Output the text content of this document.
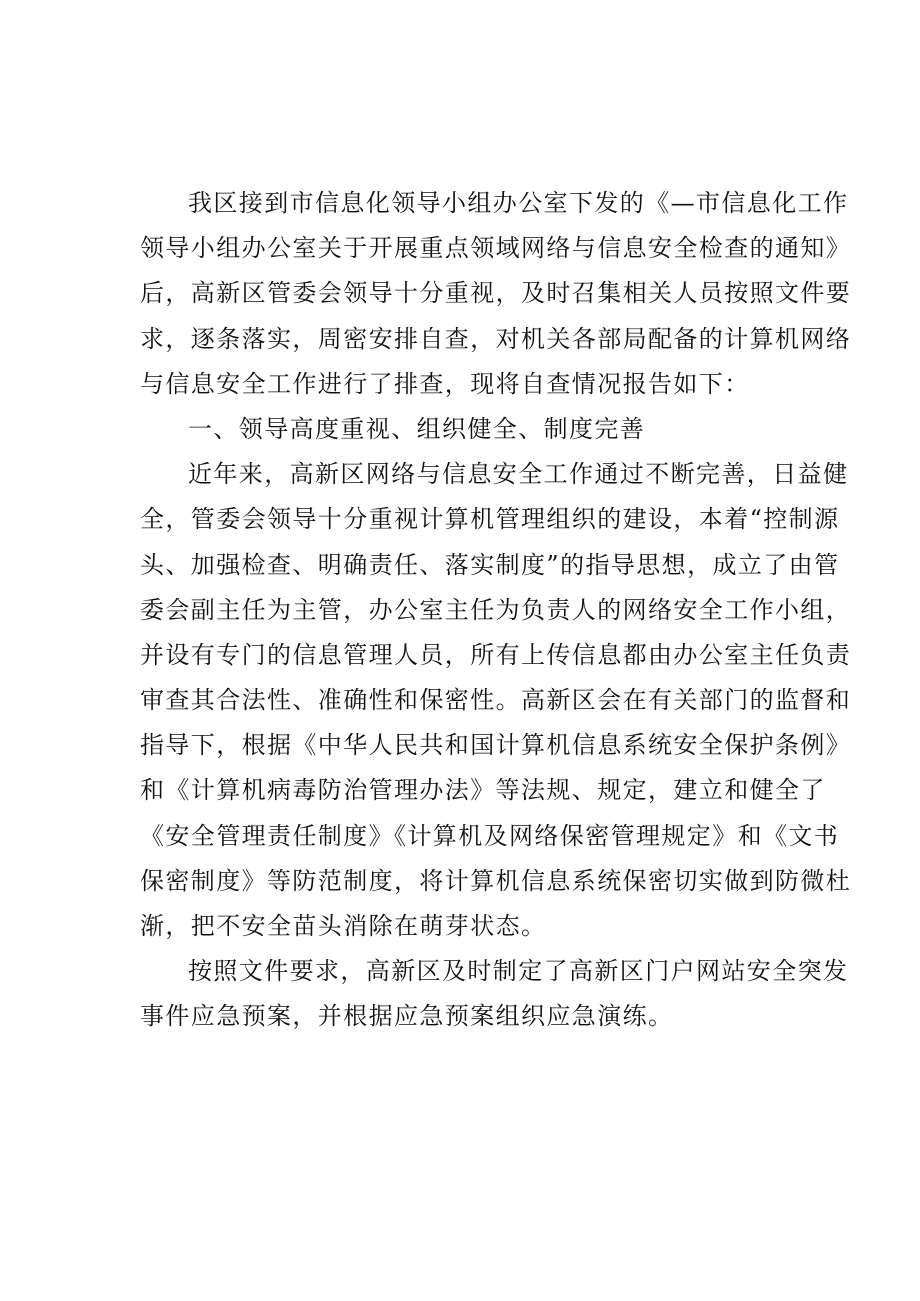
我区接到市信息化领导小组办公室下发的《—市信息化工作
领导小组办公室关于开展重点领域网络与信息安全检查的通知》
后，高新区管委会领导十分重视，及时召集相关人员按照文件要
求，逐条落实，周密安排自查，对机关各部局配备的计算机网络
与信息安全工作进行了排查，现将自查情况报告如下：
一、领导高度重视、组织健全、制度完善
近年来，高新区网络与信息安全工作通过不断完善，日益健
全，管委会领导十分重视计算机管理组织的建设，本着“控制源
头、加强检查、明确责任、落实制度”的指导思想，成立了由管
委会副主任为主管，办公室主任为负责人的网络安全工作小组，
并设有专门的信息管理人员，所有上传信息都由办公室主任负责
审查其合法性、准确性和保密性。高新区会在有关部门的监督和
指导下，根据《中华人民共和国计算机信息系统安全保护条例》
和《计算机病毒防治管理办法》等法规、规定，建立和健全了
《安全管理责任制度》《计算机及网络保密管理规定》和《文书
保密制度》等防范制度，将计算机信息系统保密切实做到防微杜
渐，把不安全苗头消除在萌芽状态。
按照文件要求，高新区及时制定了高新区门户网站安全突发
事件应急预案，并根据应急预案组织应急演练。
